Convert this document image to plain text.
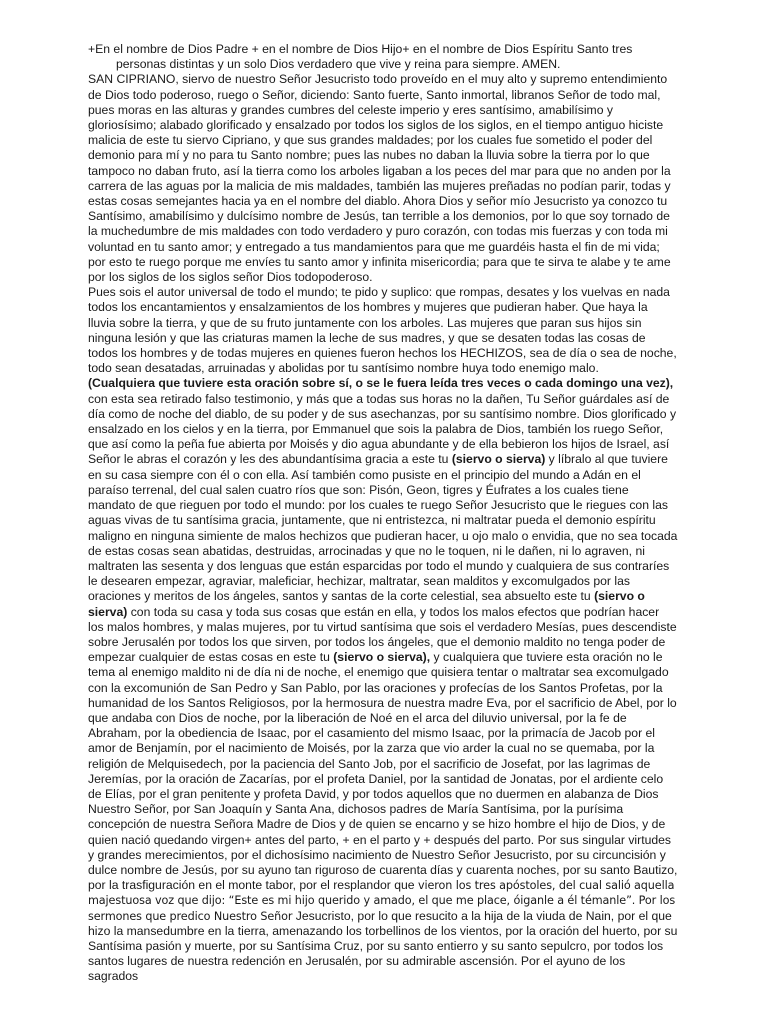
+En el nombre de Dios Padre + en el nombre de Dios Hijo+ en el nombre de Dios Espíritu Santo tres
personas distintas y un solo Dios verdadero que vive y reina para siempre. AMEN.

SAN CIPRIANO, siervo de nuestro Señor Jesucristo todo proveído en el muy alto y supremo entendimiento de Dios todo poderoso, ruego o Señor, diciendo: Santo fuerte, Santo inmortal, libranos Señor de todo mal, pues moras en las alturas y grandes cumbres del celeste imperio y eres santísimo, amabilísimo y gloriosísimo; alabado glorificado y ensalzado por todos los siglos de los siglos, en el tiempo antiguo hiciste malicia de este tu siervo Cipriano, y que sus grandes maldades; por los cuales fue sometido el poder del demonio para mí y no para tu Santo nombre; pues las nubes no daban la lluvia sobre la tierra por lo que tampoco no daban fruto, así la tierra como los arboles ligaban a los peces del mar para que no anden por la carrera de las aguas por la malicia de mis maldades, también las mujeres preñadas no podían parir, todas y estas cosas semejantes hacia ya en el nombre del diablo. Ahora Dios y señor mío Jesucristo ya conozco tu Santísimo, amabilísimo y dulcísimo nombre de Jesús, tan terrible a los demonios, por lo que soy tornado de la muchedumbre de mis maldades con todo verdadero y puro corazón, con todas mis fuerzas y con toda mi voluntad en tu santo amor; y entregado a tus mandamientos para que me guardéis hasta el fin de mi vida; por esto te ruego porque me envíes tu santo amor y infinita misericordia; para que te sirva te alabe y te ame por los siglos de los siglos señor Dios todopoderoso.

Pues sois el autor universal de todo el mundo; te pido y suplico: que rompas, desates y los vuelvas en nada todos los encantamientos y ensalzamientos de los hombres y mujeres que pudieran haber. Que haya la lluvia sobre la tierra, y que de su fruto juntamente con los arboles. Las mujeres que paran sus hijos sin ninguna lesión y que las criaturas mamen la leche de sus madres, y que se desaten todas las cosas de todos los hombres y de todas mujeres en quienes fueron hechos los HECHIZOS, sea de día o sea de noche, todo sean desatadas, arruinadas y abolidas por tu santísimo nombre huya todo enemigo malo.

(Cualquiera que tuviere esta oración sobre sí, o se le fuera leída tres veces o cada domingo una vez), con esta sea retirado falso testimonio, y más que a todas sus horas no la dañen, Tu Señor guárdales así de día como de noche del diablo, de su poder y de sus asechanzas, por su santísimo nombre. Dios glorificado y ensalzado en los cielos y en la tierra, por Emmanuel que sois la palabra de Dios, también los ruego Señor, que así como la peña fue abierta por Moisés y dio agua abundante y de ella bebieron los hijos de Israel, así Señor le abras el corazón y les des abundantísima gracia a este tu (siervo o sierva) y líbralo al que tuviere en su casa siempre con él o con ella. Así también como pusiste en el principio del mundo a Adán en el paraíso terrenal, del cual salen cuatro ríos que son: Pisón, Geon, tigres y Éufrates a los cuales tiene mandato de que rieguen por todo el mundo: por los cuales te ruego Señor Jesucristo que le riegues con las aguas vivas de tu santísima gracia, juntamente, que ni entristezca, ni maltratar pueda el demonio espíritu maligno en ninguna simiente de malos hechizos que pudieran hacer, u ojo malo o envidia, que no sea tocada de estas cosas sean abatidas, destruidas, arrocinadas y que no le toquen, ni le dañen, ni lo agraven, ni maltraten las sesenta y dos lenguas que están esparcidas por todo el mundo y cualquiera de sus contraríes le desearen empezar, agraviar, maleficiar, hechizar, maltratar, sean malditos y excomulgados por las oraciones y meritos de los ángeles, santos y santas de la corte celestial, sea absuelto este tu (siervo o sierva) con toda su casa y toda sus cosas que están en ella, y todos los malos efectos que podrían hacer los malos hombres, y malas mujeres, por tu virtud santísima que sois el verdadero Mesías, pues descendiste sobre Jerusalén por todos los que sirven, por todos los ángeles, que el demonio maldito no tenga poder de empezar cualquier de estas cosas en este tu (siervo o sierva), y cualquiera que tuviere esta oración no le tema al enemigo maldito ni de día ni de noche, el enemigo que quisiera tentar o maltratar sea excomulgado con la excomunión de San Pedro y San Pablo, por las oraciones y profecías de los Santos Profetas, por la humanidad de los Santos Religiosos, por la hermosura de nuestra madre Eva, por el sacrificio de Abel, por lo que andaba con Dios de noche, por la liberación de Noé en el arca del diluvio universal, por la fe de Abraham, por la obediencia de Isaac, por el casamiento del mismo Isaac, por la primacía de Jacob por el amor de Benjamín, por el nacimiento de Moisés, por la zarza que vio arder la cual no se quemaba, por la religión de Melquisedech, por la paciencia del Santo Job, por el sacrificio de Josefat, por las lagrimas de Jeremías, por la oración de Zacarías, por el profeta Daniel, por la santidad de Jonatas, por el ardiente celo de Elías, por el gran penitente y profeta David, y por todos aquellos que no duermen en alabanza de Dios Nuestro Señor, por San Joaquín y Santa Ana, dichosos padres de María Santísima, por la purísima concepción de nuestra Señora Madre de Dios y de quien se encarno y se hizo hombre el hijo de Dios, y de quien nació quedando virgen+ antes del parto, + en el parto y + después del parto. Por sus singular virtudes y grandes merecimientos, por el dichosísimo nacimiento de Nuestro Señor Jesucristo, por su circuncisión y dulce nombre de Jesús, por su ayuno tan riguroso de cuarenta días y cuarenta noches, por su santo Bautizo, por la trasfiguración en el monte tabor, por el resplandor que vieron los tres apóstoles, del cual salió aquella majestuosa voz que dijo: “Este es mi hijo querido y amado, el que me place, óiganle a él témanle”. Por los sermones que predico Nuestro Señor Jesucristo, por lo que resucito a la hija de la viuda de Nain, por el que hizo la mansedumbre en la tierra, amenazando los torbellinos de los vientos, por la oración del huerto, por su Santísima pasión y muerte, por su Santísima Cruz, por su santo entierro y su santo sepulcro, por todos los santos lugares de nuestra redención en Jerusalén, por su admirable ascensión. Por el ayuno de los sagrados
